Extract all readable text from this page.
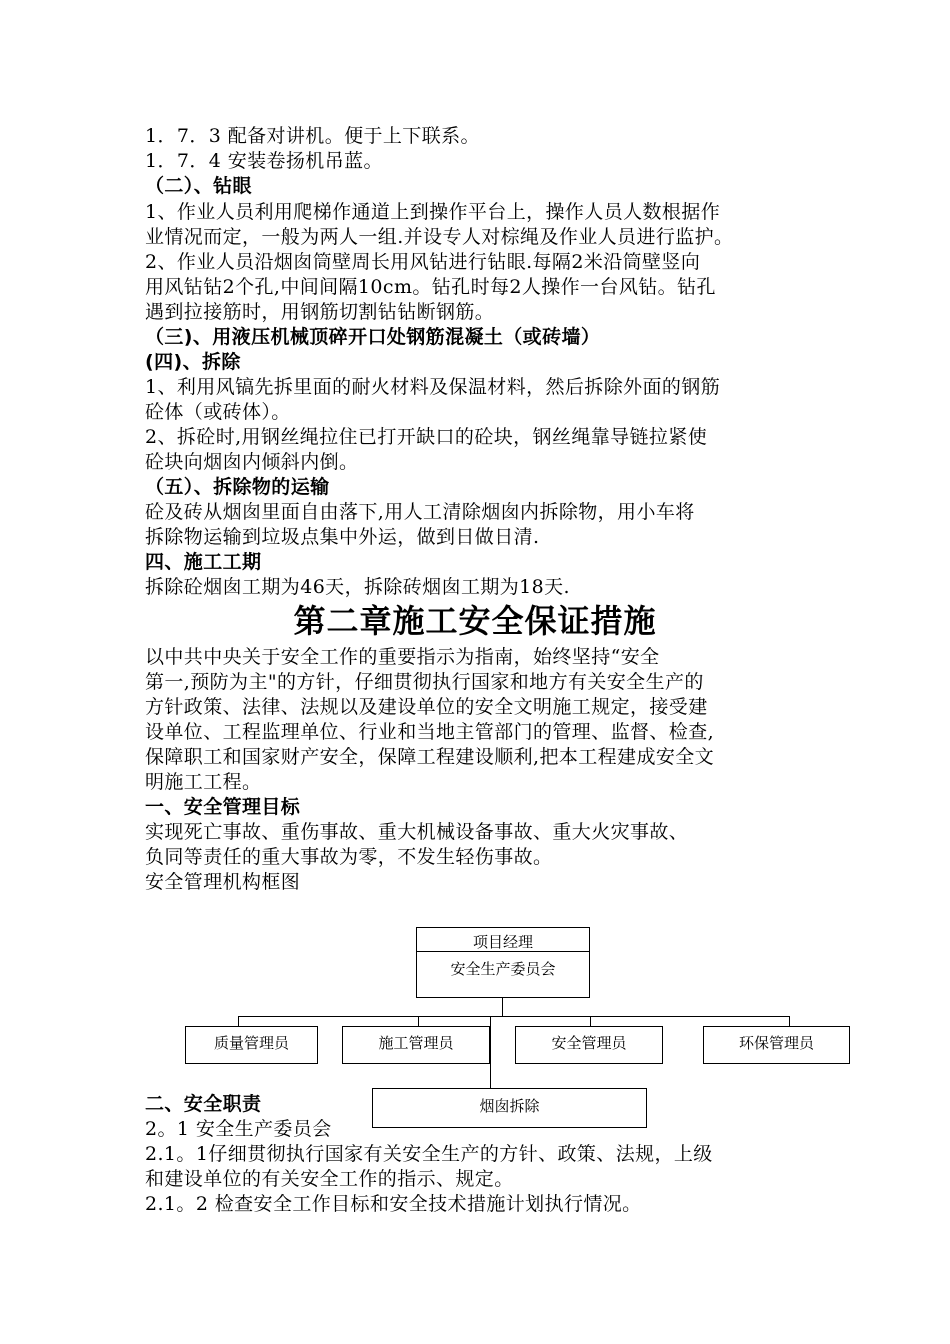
1．7．3 配备对讲机。便于上下联系。
1．7．4 安装卷扬机吊蓝。
（二）、钻眼
1、作业人员利用爬梯作通道上到操作平台上，操作人员人数根据作
业情况而定，一般为两人一组.并设专人对棕绳及作业人员进行监护。
2、作业人员沿烟囱筒壁周长用风钻进行钻眼.每隔2米沿筒壁竖向
用风钻钻2个孔,中间间隔10cm。钻孔时每2人操作一台风钻。钻孔
遇到拉接筋时，用钢筋切割钻钻断钢筋。
（三)、用液压机械顶碎开口处钢筋混凝土（或砖墙）
(四)、拆除
1、利用风镐先拆里面的耐火材料及保温材料，然后拆除外面的钢筋
砼体（或砖体）。
2、拆砼时,用钢丝绳拉住已打开缺口的砼块，钢丝绳靠导链拉紧使
砼块向烟囱内倾斜内倒。
（五）、拆除物的运输
砼及砖从烟囱里面自由落下,用人工清除烟囱内拆除物，用小车将
拆除物运输到垃圾点集中外运，做到日做日清.
四、施工工期
拆除砼烟囱工期为46天，拆除砖烟囱工期为18天.
第二章施工安全保证措施
以中共中央关于安全工作的重要指示为指南，始终坚持“安全
第一,预防为主"的方针，仔细贯彻执行国家和地方有关安全生产的
方针政策、法律、法规以及建设单位的安全文明施工规定，接受建
设单位、工程监理单位、行业和当地主管部门的管理、监督、检查,
保障职工和国家财产安全，保障工程建设顺利,把本工程建成安全文
明施工工程。
一、安全管理目标
实现死亡事故、重伤事故、重大机械设备事故、重大火灾事故、
负同等责任的重大事故为零，不发生轻伤事故。
安全管理机构框图
项目经理
安全生产委员会
质量管理员	施工管理员	安全管理员	环保管理员
烟囱拆除
二、安全职责
2。1 安全生产委员会
2.1。1仔细贯彻执行国家有关安全生产的方针、政策、法规，上级
和建设单位的有关安全工作的指示、规定。
2.1。2 检查安全工作目标和安全技术措施计划执行情况。
